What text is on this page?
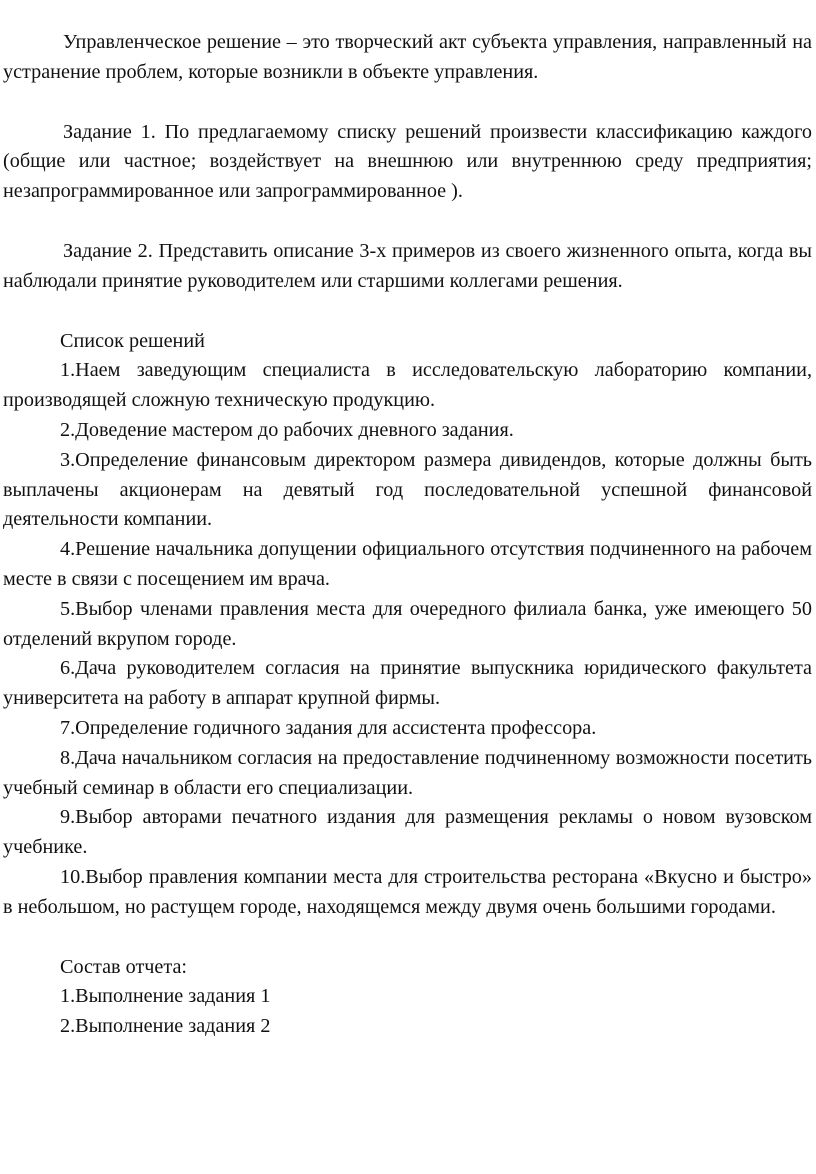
Управленческое решение – это творческий акт субъекта управления, направленный на устранение проблем, которые возникли в объекте управления.

Задание 1. По предлагаемому списку решений произвести классификацию каждого (общие или частное; воздействует на внешнюю или внутреннюю среду предприятия; незапрограммированное или запрограммированное ).

Задание 2. Представить описание 3-х примеров из своего жизненного опыта, когда вы наблюдали принятие руководителем или старшими коллегами решения.

Список решений

1.Наем заведующим специалиста в исследовательскую лабораторию компании, производящей сложную техническую продукцию.

2.Доведение мастером до рабочих дневного задания.

3.Определение финансовым директором размера дивидендов, которые должны быть выплачены акционерам на девятый год последовательной успешной финансовой деятельности компании.

4.Решение начальника допущении официального отсутствия подчиненного на рабочем месте в связи с посещением им врача.

5.Выбор членами правления места для очередного филиала банка, уже имеющего 50 отделений вкрупом городе.

6.Дача руководителем согласия на принятие выпускника юридического факультета университета на работу в аппарат крупной фирмы.

7.Определение годичного задания для ассистента профессора.

8.Дача начальником согласия на предоставление подчиненному возможности посетить учебный семинар в области его специализации.

9.Выбор авторами печатного издания для размещения рекламы о новом вузовском учебнике.

10.Выбор правления компании места для строительства ресторана «Вкусно и быстро» в небольшом, но растущем городе, находящемся между двумя очень большими городами.

Состав отчета:

1.Выполнение задания 1

2.Выполнение задания 2
